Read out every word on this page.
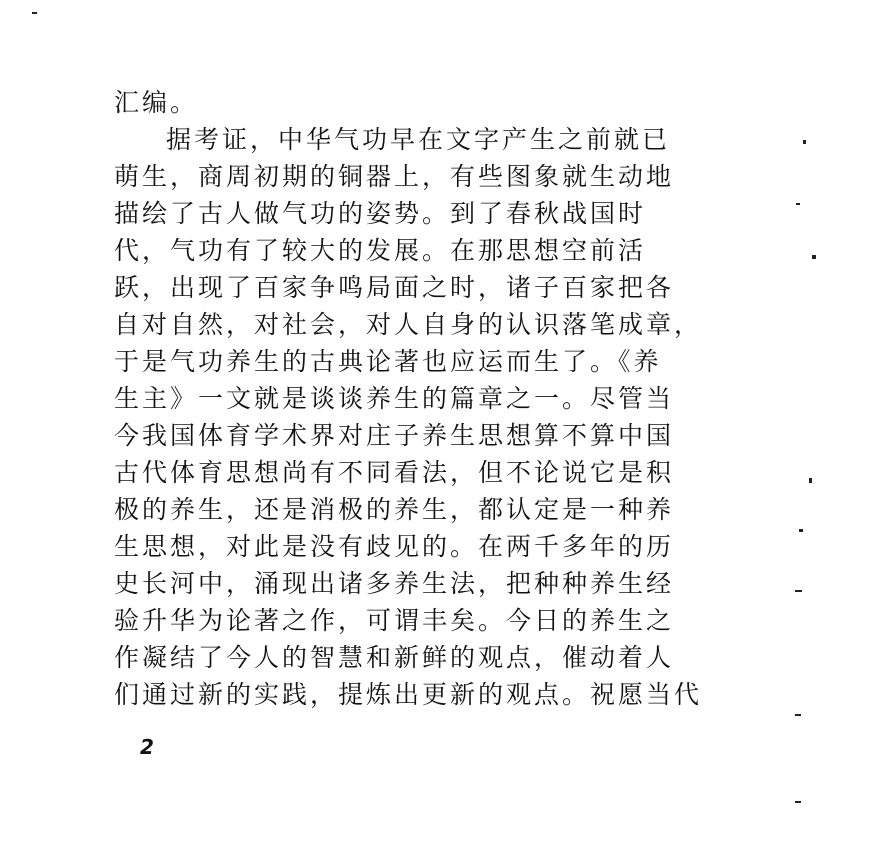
汇编。
据考证，中华气功早在文字产生之前就已
萌生，商周初期的铜器上，有些图象就生动地
描绘了古人做气功的姿势。到了春秋战国时
代，气功有了较大的发展。在那思想空前活
跃，出现了百家争鸣局面之时，诸子百家把各
自对自然，对社会，对人自身的认识落笔成章，
于是气功养生的古典论著也应运而生了。《养
生主》一文就是谈谈养生的篇章之一。尽管当
今我国体育学术界对庄子养生思想算不算中国
古代体育思想尚有不同看法，但不论说它是积
极的养生，还是消极的养生，都认定是一种养
生思想，对此是没有歧见的。在两千多年的历
史长河中，涌现出诸多养生法，把种种养生经
验升华为论著之作，可谓丰矣。今日的养生之
作凝结了今人的智慧和新鲜的观点，催动着人
们通过新的实践，提炼出更新的观点。祝愿当代
2
